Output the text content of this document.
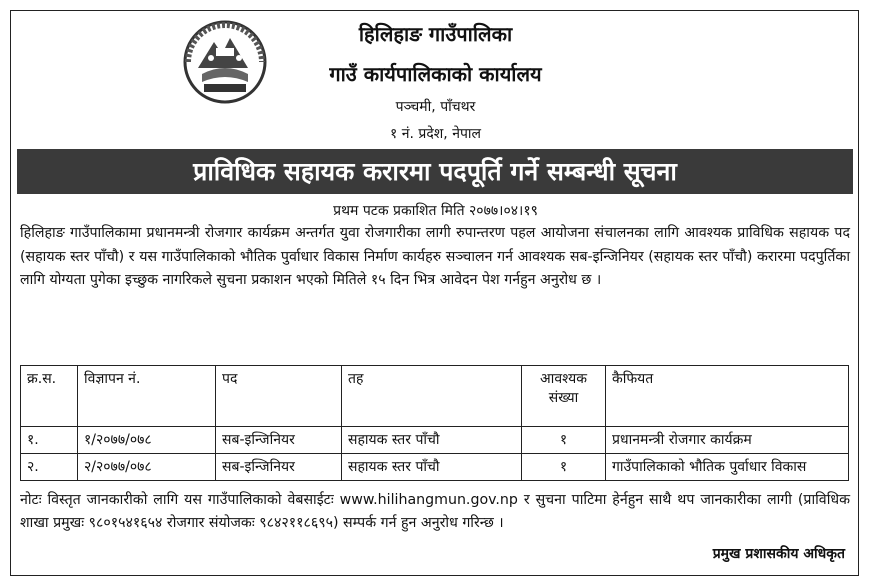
हिलिहाङ गाउँपालिका
गाउँ कार्यपालिकाको कार्यालय
पञ्चमी, पाँचथर
१ नं. प्रदेश, नेपाल
प्राविधिक सहायक करारमा पदपूर्ति गर्ने सम्बन्धी सूचना
प्रथम पटक प्रकाशित मिति २०७७।०४।१९
हिलिहाङ गाउँपालिकामा प्रधानमन्त्री रोजगार कार्यक्रम अन्तर्गत युवा रोजगारीका लागी रुपान्तरण पहल आयोजना संचालनका लागि आवश्यक प्राविधिक सहायक पद (सहायक स्तर पाँचौ) र यस गाउँपालिकाको भौतिक पुर्वाधार विकास निर्माण कार्यहरु सञ्चालन गर्न आवश्यक सब-इन्जिनियर (सहायक स्तर पाँचौ) करारमा पदपुर्तिका लागि योग्यता पुगेका इच्छुक नागरिकले सुचना प्रकाशन भएको मितिले १५ दिन भित्र आवेदन पेश गर्नहुन अनुरोध छ ।
क्र.स.	विज्ञापन नं.	पद	तह	आवश्यक संख्या	कैफियत
१.	१/२०७७/०७८	सब-इन्जिनियर	सहायक स्तर पाँचौ	१	प्रधानमन्त्री रोजगार कार्यक्रम
२.	२/२०७७/०७८	सब-इन्जिनियर	सहायक स्तर पाँचौ	१	गाउँपालिकाको भौतिक पुर्वाधार विकास
नोटः विस्तृत जानकारीको लागि यस गाउँपालिकाको वेबसाईटः www.hilihangmun.gov.np र सुचना पाटिमा हेर्नहुन साथै थप जानकारीका लागी (प्राविधिक शाखा प्रमुखः ९८०१५४१६५४ रोजगार संयोजकः ९८४२११८६९५) सम्पर्क गर्न हुन अनुरोध गरिन्छ ।
प्रमुख प्रशासकीय अधिकृत
